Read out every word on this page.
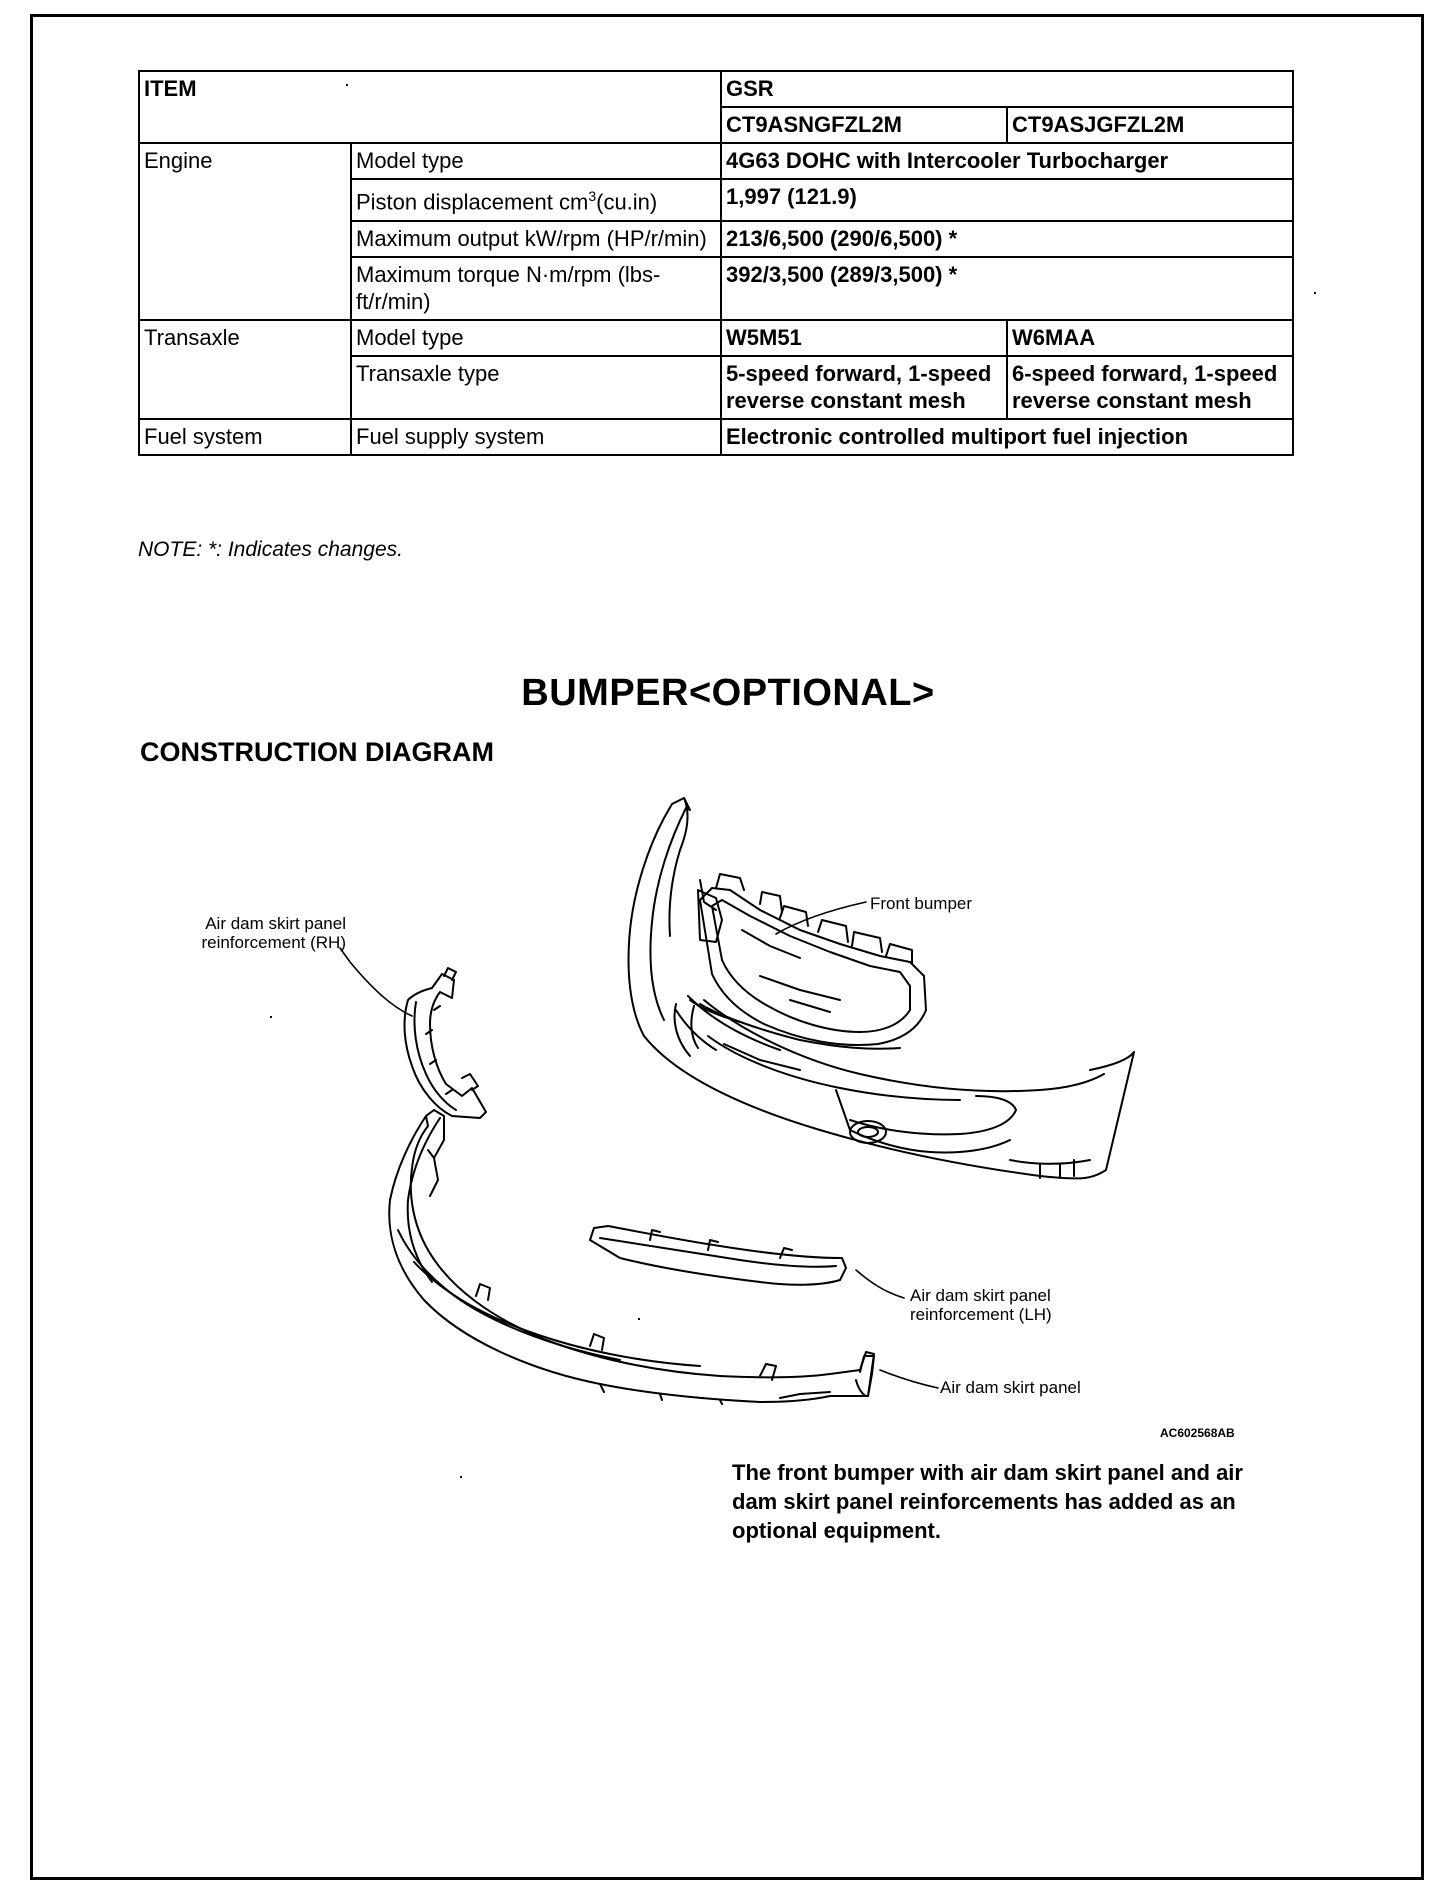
ITEM		GSR	
		CT9ASNGFZL2M	CT9ASJGFZL2M
Engine	Model type	4G63 DOHC with Intercooler Turbocharger	
	Piston displacement $cm^3(cu.in)$	1,997 (121.9)	
	Maximum output kW/rpm (HP/r/min)	213/6,500 (290/6,500) *	
	Maximum torque N·m/rpm (lbs-ft/r/min)	392/3,500 (289/3,500) *	
Transaxle	Model type	W5M51	W6MAA
	Transaxle type	5-speed forward, 1-speed reverse constant mesh	6-speed forward, 1-speed reverse constant mesh
Fuel system	Fuel supply system	Electronic controlled multiport fuel injection	
NOTE: *: Indicates changes.
BUMPER<OPTIONAL>
CONSTRUCTION DIAGRAM
Front bumper
Air dam skirt panel
reinforcement (RH)
Air dam skirt panel
reinforcement (LH)
Air dam skirt panel
AC602568AB
The front bumper with air dam skirt panel and air dam skirt panel reinforcements has added as an optional equipment.
